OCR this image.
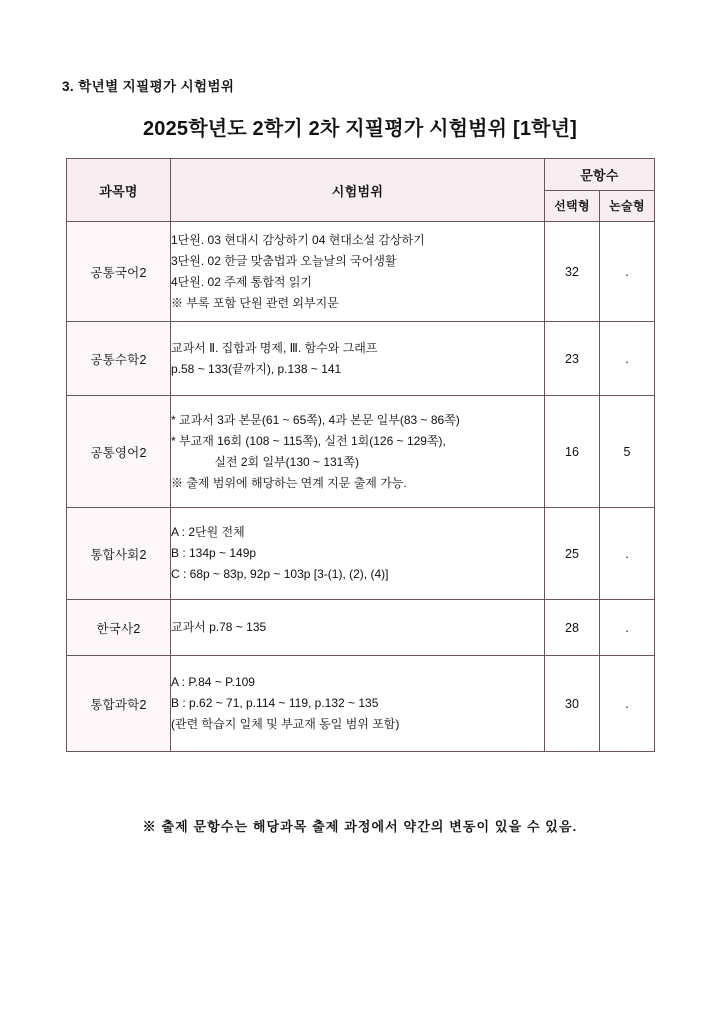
3. 학년별 지필평가 시험범위
2025학년도 2학기 2차 지필평가 시험범위 [1학년]
과목명	시험범위	문항수	
		선택형	논술형
공통국어2	1단원. 03 현대시 감상하기 04 현대소설 감상하기
3단원. 02 한글 맞춤법과 오늘날의 국어생활
4단원. 02 주제 통합적 읽기
※ 부록 포함 단원 관련 외부지문	32	.
공통수학2	교과서 Ⅱ. 집합과 명제, Ⅲ. 함수와 그래프
p.58 ~ 133(끝까지), p.138 ~ 141	23	.
공통영어2	* 교과서 3과 본문(61 ~ 65쪽), 4과 본문 일부(83 ~ 86쪽)
* 부교재 16회 (108 ~ 115쪽), 실전 1회(126 ~ 129쪽),
실전 2회 일부(130 ~ 131쪽)
※ 출제 범위에 해당하는 연계 지문 출제 가능.	16	5
통합사회2	A : 2단원 전체
B : 134p ~ 149p
C : 68p ~ 83p, 92p ~ 103p [3-(1), (2), (4)]	25	.
한국사2	교과서 p.78 ~ 135	28	.
통합과학2	A : P.84 ~ P.109
B : p.62 ~ 71, p.114 ~ 119, p.132 ~ 135
(관련 학습지 일체 및 부교재 동일 범위 포함)	30	.
※ 출제 문항수는 해당과목 출제 과정에서 약간의 변동이 있을 수 있음.
